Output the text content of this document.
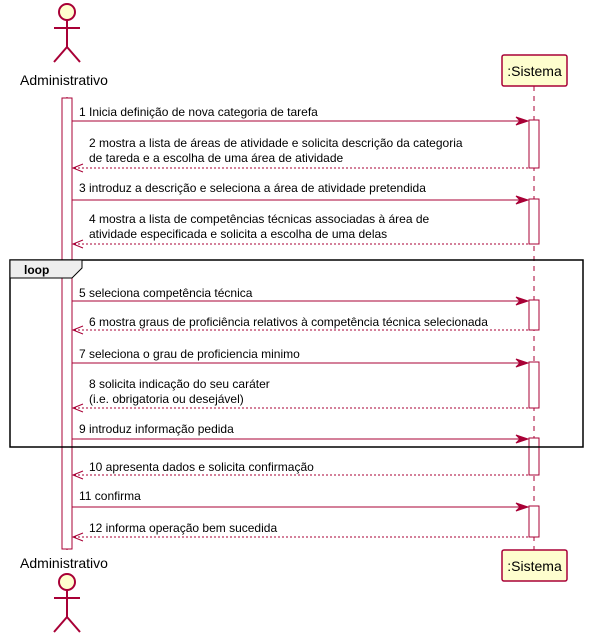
loop
1 Inicia definição de nova categoria de tarefa
2 mostra a lista de áreas de atividade e solicita descrição da categoria
de tareda e a escolha de uma área de atividade
3 introduz a descrição e seleciona a área de atividade pretendida
4 mostra a lista de competências técnicas associadas à área de
atividade especificada e solicita a escolha de uma delas
5 seleciona competência técnica
6 mostra graus de proficiência relativos à competência técnica selecionada
7 seleciona o grau de proficiencia minimo
8 solicita indicação do seu caráter
(i.e. obrigatoria ou desejável)
9 introduz informação pedida
10 apresenta dados e solicita confirmação
11 confirma
12 informa operação bem sucedida
Administrativo
Administrativo
:Sistema
:Sistema
